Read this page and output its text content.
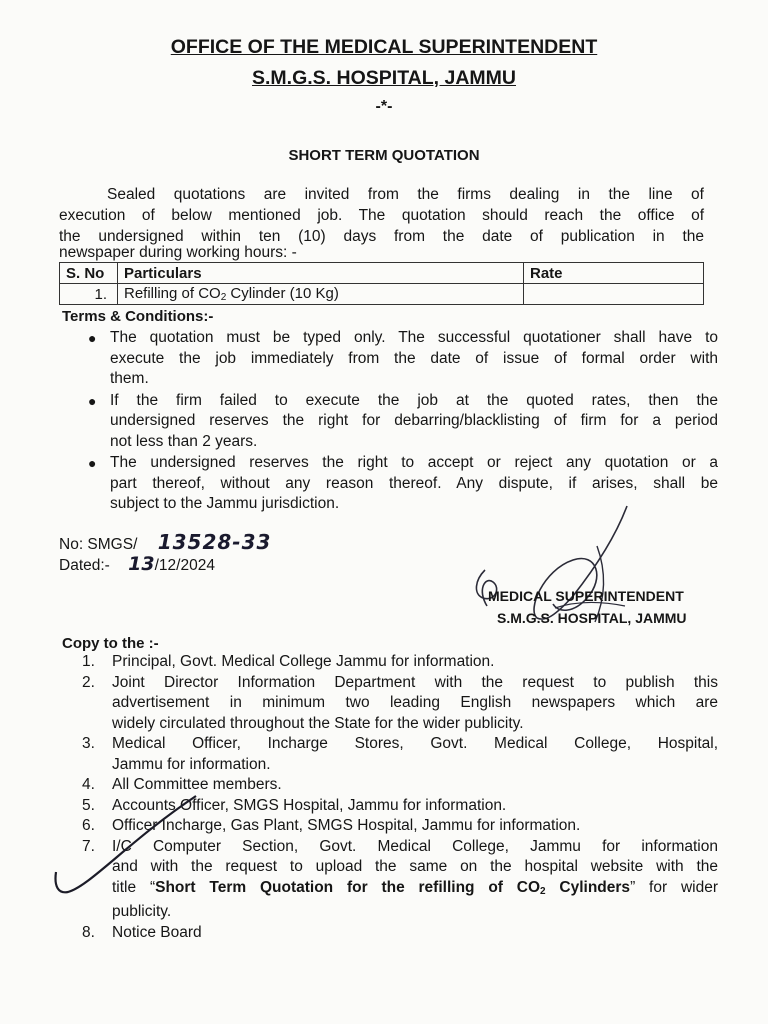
OFFICE OF THE MEDICAL SUPERINTENDENT
S.M.G.S. HOSPITAL, JAMMU
-*-
SHORT TERM QUOTATION
Sealed quotations are invited from the firms dealing in the line of
execution of below mentioned job. The quotation should reach the office of
the undersigned within ten (10) days from the date of publication in the
newspaper during working hours: -
S. No	Particulars	Rate
1.	Refilling of $CO_2$ Cylinder (10 Kg)	
Terms & Conditions:-
● The quotation must be typed only. The successful quotationer shall have to
execute the job immediately from the date of issue of formal order with
them.
● If the firm failed to execute the job at the quoted rates, then the
undersigned reserves the right for debarring/blacklisting of firm for a period
not less than 2 years.
● The undersigned reserves the right to accept or reject any quotation or a
part thereof, without any reason thereof. Any dispute, if arises, shall be
subject to the Jammu jurisdiction.
No: SMGS/ 13528-33
Dated:- 13/12/2024
MEDICAL SUPERINTENDENT
S.M.G.S. HOSPITAL, JAMMU
Copy to the :-
1. Principal, Govt. Medical College Jammu for information.
2. Joint Director Information Department with the request to publish this
advertisement in minimum two leading English newspapers which are
widely circulated throughout the State for the wider publicity.
3. Medical Officer, Incharge Stores, Govt. Medical College, Hospital,
Jammu for information.
4. All Committee members.
5. Accounts Officer, SMGS Hospital, Jammu for information.
6. Officer Incharge, Gas Plant, SMGS Hospital, Jammu for information.
7. I/C Computer Section, Govt. Medical College, Jammu for information
and with the request to upload the same on the hospital website with the
title “Short Term Quotation for the refilling of $CO_2$ Cylinders” for wider
publicity.
8. Notice Board
